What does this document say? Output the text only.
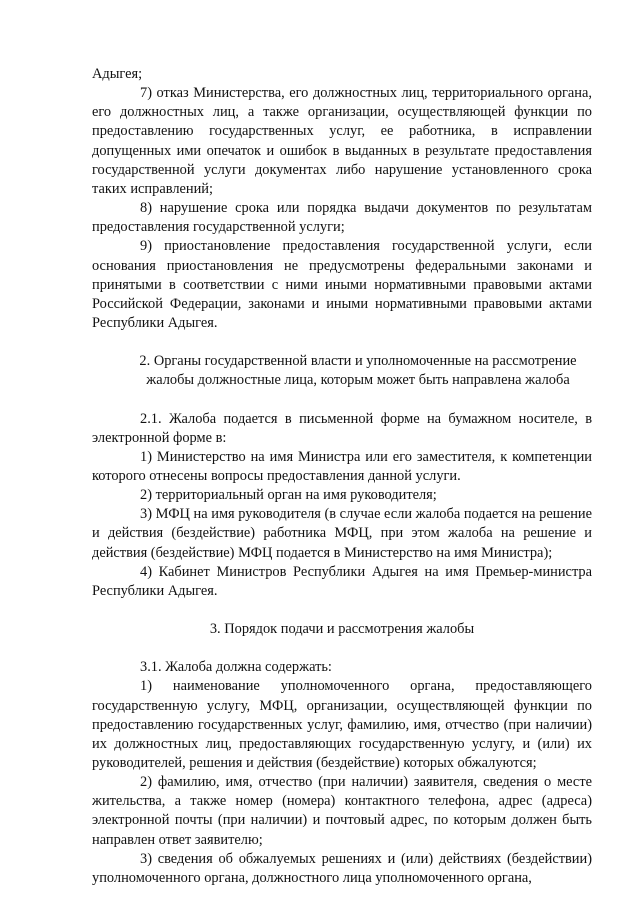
Адыгея;

7) отказ Министерства, его должностных лиц, территориального органа, его должностных лиц, а также организации, осуществляющей функции по предоставлению государственных услуг, ее работника, в исправлении допущенных ими опечаток и ошибок в выданных в результате предоставления государственной услуги документах либо нарушение установленного срока таких исправлений;

8) нарушение срока или порядка выдачи документов по результатам предоставления государственной услуги;

9) приостановление предоставления государственной услуги, если основания приостановления не предусмотрены федеральными законами и принятыми в соответствии с ними иными нормативными правовыми актами Российской Федерации, законами и иными нормативными правовыми актами Республики Адыгея.

2. Органы государственной власти и уполномоченные на рассмотрение жалобы должностные лица, которым может быть направлена жалоба

2.1. Жалоба подается в письменной форме на бумажном носителе, в электронной форме в:

1) Министерство на имя Министра или его заместителя, к компетенции которого отнесены вопросы предоставления данной услуги.

2) территориальный орган на имя руководителя;

3) МФЦ на имя руководителя (в случае если жалоба подается на решение и действия (бездействие) работника МФЦ, при этом жалоба на решение и действия (бездействие) МФЦ подается в Министерство на имя Министра);

4) Кабинет Министров Республики Адыгея на имя Премьер-министра Республики Адыгея.

3. Порядок подачи и рассмотрения жалобы

3.1. Жалоба должна содержать:

1) наименование уполномоченного органа, предоставляющего государственную услугу, МФЦ, организации, осуществляющей функции по предоставлению государственных услуг, фамилию, имя, отчество (при наличии) их должностных лиц, предоставляющих государственную услугу, и (или) их руководителей, решения и действия (бездействие) которых обжалуются;

2) фамилию, имя, отчество (при наличии) заявителя, сведения о месте жительства, а также номер (номера) контактного телефона, адрес (адреса) электронной почты (при наличии) и почтовый адрес, по которым должен быть направлен ответ заявителю;

3) сведения об обжалуемых решениях и (или) действиях (бездействии) уполномоченного органа, должностного лица уполномоченного органа,
